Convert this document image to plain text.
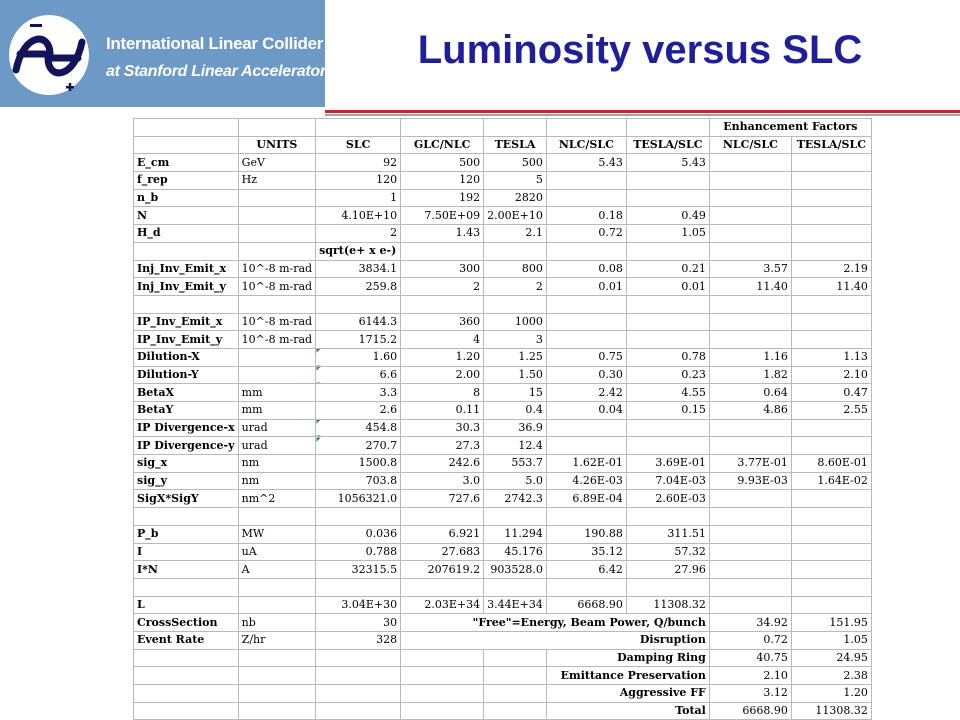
International Linear Collider
at Stanford Linear Accelerator Center Luminosity versus SLC
							Enhancement Factors	
	UNITS	SLC	GLC/NLC	TESLA	NLC/SLC	TESLA/SLC	NLC/SLC	TESLA/SLC
E_cm	GeV	92	500	500	5.43	5.43		
f_rep	Hz	120	120	5				
n_b		1	192	2820				
N		4.10E+10	7.50E+09	2.00E+10	0.18	0.49		
H_d		2	1.43	2.1	0.72	1.05		
		sqrt(e+ x e-)						
Inj_Inv_Emit_x	10^-8 m-rad	3834.1	300	800	0.08	0.21	3.57	2.19
Inj_Inv_Emit_y	10^-8 m-rad	259.8	2	2	0.01	0.01	11.40	11.40

IP_Inv_Emit_x	10^-8 m-rad	6144.3	360	1000				
IP_Inv_Emit_y	10^-8 m-rad	1715.2	4	3				
Dilution-X		1.60	1.20	1.25	0.75	0.78	1.16	1.13
Dilution-Y		6.6	2.00	1.50	0.30	0.23	1.82	2.10
BetaX	mm	3.3	8	15	2.42	4.55	0.64	0.47
BetaY	mm	2.6	0.11	0.4	0.04	0.15	4.86	2.55
IP Divergence-x	urad	454.8	30.3	36.9				
IP Divergence-y	urad	270.7	27.3	12.4				
sig_x	nm	1500.8	242.6	553.7	1.62E-01	3.69E-01	3.77E-01	8.60E-01
sig_y	nm	703.8	3.0	5.0	4.26E-03	7.04E-03	9.93E-03	1.64E-02
SigX*SigY	nm^2	1056321.0	727.6	2742.3	6.89E-04	2.60E-03		

P_b	MW	0.036	6.921	11.294	190.88	311.51		
I	uA	0.788	27.683	45.176	35.12	57.32		
I*N	A	32315.5	207619.2	903528.0	6.42	27.96		

L		3.04E+30	2.03E+34	3.44E+34	6668.90	11308.32		
CrossSection	nb	30	"Free"=Energy, Beam Power, Q/bunch				34.92	151.95
Event Rate	Z/hr	328	Disruption				0.72	1.05
					Damping Ring		40.75	24.95
					Emittance Preservation		2.10	2.38
					Aggressive FF		3.12	1.20
					Total		6668.90	11308.32
